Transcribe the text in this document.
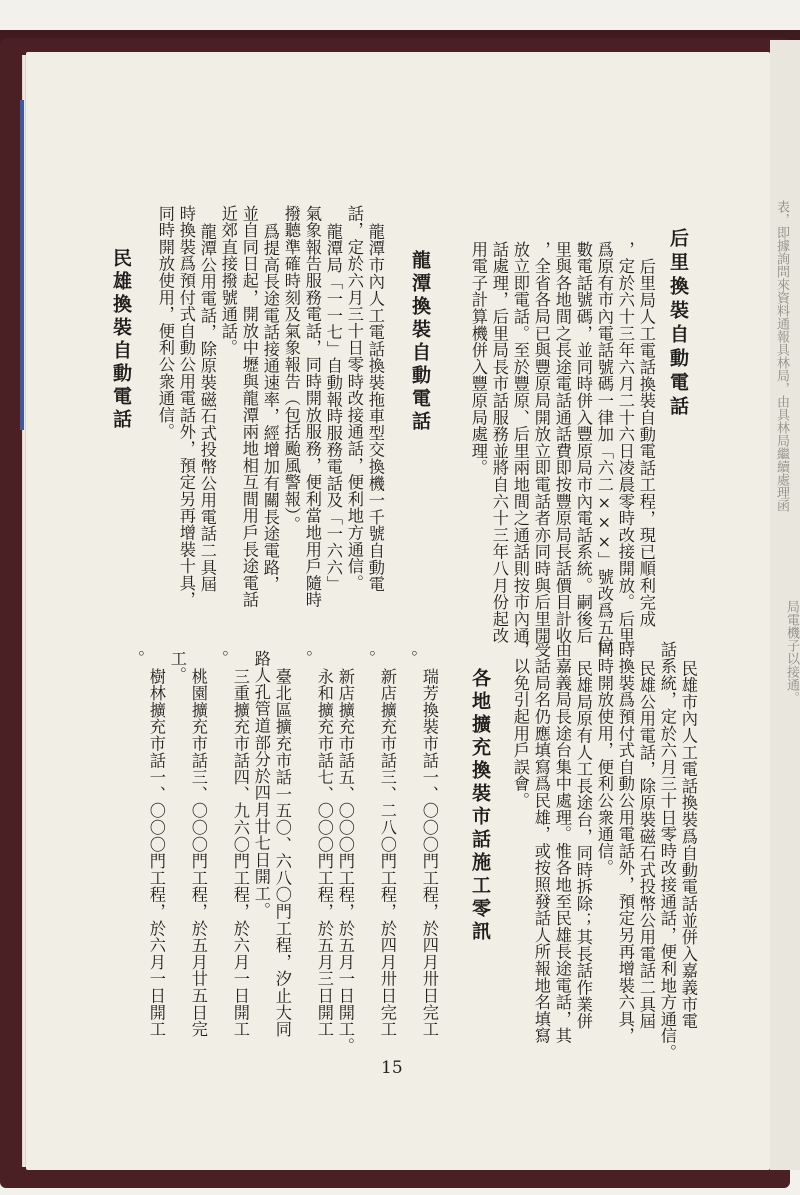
表，即據詢問來資料通報具林局，由具林局繼續處理函
局電機子以接通。
后里換裝自動電話
后里局人工電話換裝自動電話工程，現已順利完成
，定於六十三年六月二十六日凌晨零時改接開放。后里
爲原有市內電話號碼一律加「六二×××」號改爲五位
數電話號碼，並同時併入豐原局市內電話系統。嗣後后
里與各地間之長途電話通話費即按豐原局長話價目計收
，全省各局已與豐原局開放立即電話者亦同時與后里開
放立即電話。至於豐原、后里兩地間之通話則按市內通
話處理，后里局長市話服務並將自六十三年八月份起改
用電子計算機併入豐原局處理。
龍潭換裝自動電話
龍潭市內人工電話換裝拖車型交換機一千號自動電
話，定於六月三十日零時改接通話，便利地方通信。
龍潭局「一一七」自動報時服務電話及「一六六」
氣象報告服務電話，同時開放服務，便利當地用戶隨時
撥聽準確時刻及氣象報告（包括颱風警報）。
爲提高長途電話接通速率，經增加有關長途電路，
並自同日起，開放中壢與龍潭兩地相互間用戶長途電話
近郊直接撥號通話。
龍潭公用電話，除原裝磁石式投幣公用電話二具屆
時換裝爲預付式自動公用電話外，預定另再增裝十具，
同時開放使用，便利公衆通信。
民雄換裝自動電話
民雄市內人工電話換裝爲自動電話並併入嘉義市電
話系統，定於六月三十日零時改接通話，便利地方通信。
民雄公用電話，除原裝磁石式投幣公用電話二具屆
時換裝爲預付式自動公用電話外，預定另再增裝六具，
同時開放使用，便利公衆通信。
民雄局原有人工長途台，同時拆除；其長話作業併
由嘉義局長途台集中處理。惟各地至民雄長途電話，其
受話局名仍應填寫爲民雄，或按照發話人所報地名填寫
，以免引起用戶誤會。
各地擴充換裝市話施工零訊
瑞芳換裝市話一、〇〇〇門工程，於四月卅日完工
。
新店擴充市話三、二八〇門工程，於四月卅日完工
。
新店擴充市話五、〇〇〇門工程，於五月一日開工。
永和擴充市話七、〇〇〇門工程，於五月三日開工
。
臺北區擴充市話一五〇、六八〇門工程，汐止大同
路人孔管道部分於四月廿七日開工。
三重擴充市話四、九六〇門工程，於六月一日開工
。
桃園擴充市話三、〇〇〇門工程，於五月廿五日完
工。
樹林擴充市話一、〇〇〇門工程，於六月一日開工
。
15
